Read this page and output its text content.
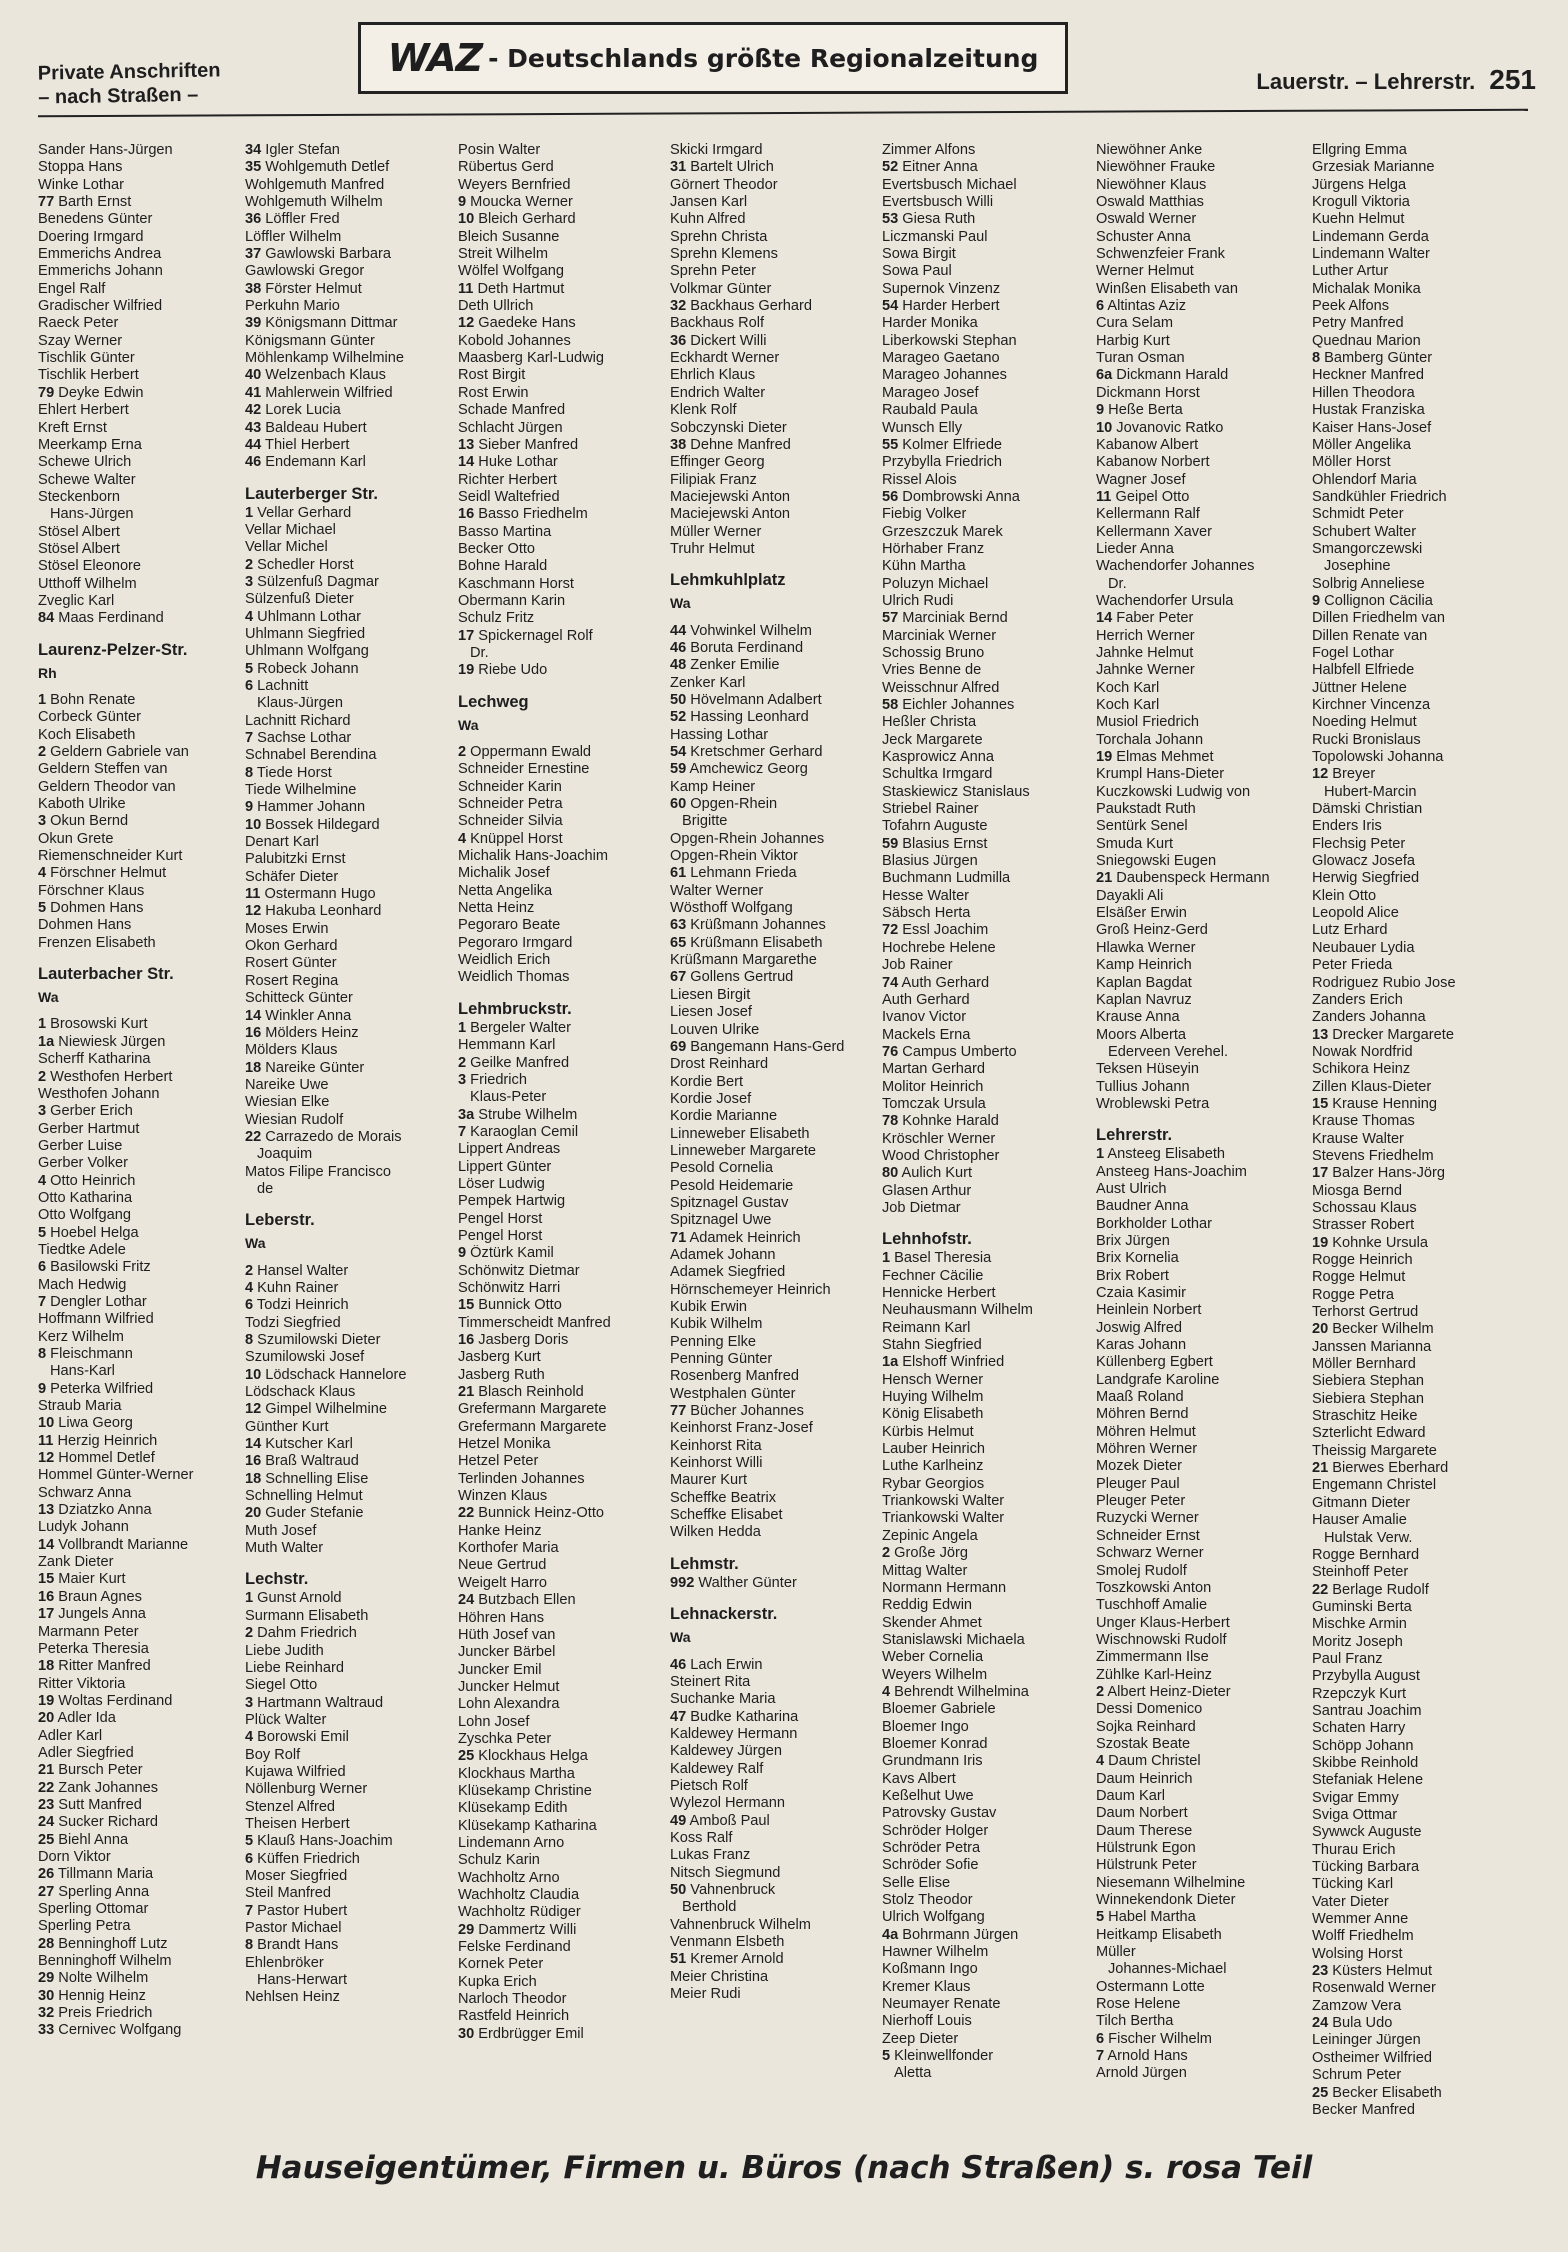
Private Anschriften
– nach Straßen –
WAZ - Deutschlands größte Regionalzeitung
Lauerstr. – Lehrerstr. 251
Sander Hans-Jürgen
Stoppa Hans
Winke Lothar
77 Barth Ernst
Benedens Günter
Doering Irmgard
Emmerichs Andrea
Emmerichs Johann
Engel Ralf
Gradischer Wilfried
Raeck Peter
Szay Werner
Tischlik Günter
Tischlik Herbert
79 Deyke Edwin
Ehlert Herbert
Kreft Ernst
Meerkamp Erna
Schewe Ulrich
Schewe Walter
Steckenborn
Hans-Jürgen
Stösel Albert
Stösel Albert
Stösel Eleonore
Utthoff Wilhelm
Zveglic Karl
84 Maas Ferdinand
Laurenz-Pelzer-Str.
Rh
1 Bohn Renate
Corbeck Günter
Koch Elisabeth
2 Geldern Gabriele van
Geldern Steffen van
Geldern Theodor van
Kaboth Ulrike
3 Okun Bernd
Okun Grete
Riemenschneider Kurt
4 Förschner Helmut
Förschner Klaus
5 Dohmen Hans
Dohmen Hans
Frenzen Elisabeth
Lauterbacher Str.
Wa
1 Brosowski Kurt
1a Niewiesk Jürgen
Scherff Katharina
2 Westhofen Herbert
Westhofen Johann
3 Gerber Erich
Gerber Hartmut
Gerber Luise
Gerber Volker
4 Otto Heinrich
Otto Katharina
Otto Wolfgang
5 Hoebel Helga
Tiedtke Adele
6 Basilowski Fritz
Mach Hedwig
7 Dengler Lothar
Hoffmann Wilfried
Kerz Wilhelm
8 Fleischmann
Hans-Karl
9 Peterka Wilfried
Straub Maria
10 Liwa Georg
11 Herzig Heinrich
12 Hommel Detlef
Hommel Günter-Werner
Schwarz Anna
13 Dziatzko Anna
Ludyk Johann
14 Vollbrandt Marianne
Zank Dieter
15 Maier Kurt
16 Braun Agnes
17 Jungels Anna
Marmann Peter
Peterka Theresia
18 Ritter Manfred
Ritter Viktoria
19 Woltas Ferdinand
20 Adler Ida
Adler Karl
Adler Siegfried
21 Bursch Peter
22 Zank Johannes
23 Sutt Manfred
24 Sucker Richard
25 Biehl Anna
Dorn Viktor
26 Tillmann Maria
27 Sperling Anna
Sperling Ottomar
Sperling Petra
28 Benninghoff Lutz
Benninghoff Wilhelm
29 Nolte Wilhelm
30 Hennig Heinz
32 Preis Friedrich
33 Cernivec Wolfgang
34 Igler Stefan
35 Wohlgemuth Detlef
Wohlgemuth Manfred
Wohlgemuth Wilhelm
36 Löffler Fred
Löffler Wilhelm
37 Gawlowski Barbara
Gawlowski Gregor
38 Förster Helmut
Perkuhn Mario
39 Königsmann Dittmar
Königsmann Günter
Möhlenkamp Wilhelmine
40 Welzenbach Klaus
41 Mahlerwein Wilfried
42 Lorek Lucia
43 Baldeau Hubert
44 Thiel Herbert
46 Endemann Karl
Lauterberger Str.
1 Vellar Gerhard
Vellar Michael
Vellar Michel
2 Schedler Horst
3 Sülzenfuß Dagmar
Sülzenfuß Dieter
4 Uhlmann Lothar
Uhlmann Siegfried
Uhlmann Wolfgang
5 Robeck Johann
6 Lachnitt
Klaus-Jürgen
Lachnitt Richard
7 Sachse Lothar
Schnabel Berendina
8 Tiede Horst
Tiede Wilhelmine
9 Hammer Johann
10 Bossek Hildegard
Denart Karl
Palubitzki Ernst
Schäfer Dieter
11 Ostermann Hugo
12 Hakuba Leonhard
Moses Erwin
Okon Gerhard
Rosert Günter
Rosert Regina
Schitteck Günter
14 Winkler Anna
16 Mölders Heinz
Mölders Klaus
18 Nareike Günter
Nareike Uwe
Wiesian Elke
Wiesian Rudolf
22 Carrazedo de Morais
Joaquim
Matos Filipe Francisco
de
Leberstr.
Wa
2 Hansel Walter
4 Kuhn Rainer
6 Todzi Heinrich
Todzi Siegfried
8 Szumilowski Dieter
Szumilowski Josef
10 Lödschack Hannelore
Lödschack Klaus
12 Gimpel Wilhelmine
Günther Kurt
14 Kutscher Karl
16 Braß Waltraud
18 Schnelling Elise
Schnelling Helmut
20 Guder Stefanie
Muth Josef
Muth Walter
Lechstr.
1 Gunst Arnold
Surmann Elisabeth
2 Dahm Friedrich
Liebe Judith
Liebe Reinhard
Siegel Otto
3 Hartmann Waltraud
Plück Walter
4 Borowski Emil
Boy Rolf
Kujawa Wilfried
Nöllenburg Werner
Stenzel Alfred
Theisen Herbert
5 Klauß Hans-Joachim
6 Küffen Friedrich
Moser Siegfried
Steil Manfred
7 Pastor Hubert
Pastor Michael
8 Brandt Hans
Ehlenbröker
Hans-Herwart
Nehlsen Heinz
Posin Walter
Rübertus Gerd
Weyers Bernfried
9 Moucka Werner
10 Bleich Gerhard
Bleich Susanne
Streit Wilhelm
Wölfel Wolfgang
11 Deth Hartmut
Deth Ullrich
12 Gaedeke Hans
Kobold Johannes
Maasberg Karl-Ludwig
Rost Birgit
Rost Erwin
Schade Manfred
Schlacht Jürgen
13 Sieber Manfred
14 Huke Lothar
Richter Herbert
Seidl Waltefried
16 Basso Friedhelm
Basso Martina
Becker Otto
Bohne Harald
Kaschmann Horst
Obermann Karin
Schulz Fritz
17 Spickernagel Rolf
Dr.
19 Riebe Udo
Lechweg
Wa
2 Oppermann Ewald
Schneider Ernestine
Schneider Karin
Schneider Petra
Schneider Silvia
4 Knüppel Horst
Michalik Hans-Joachim
Michalik Josef
Netta Angelika
Netta Heinz
Pegoraro Beate
Pegoraro Irmgard
Weidlich Erich
Weidlich Thomas
Lehmbruckstr.
1 Bergeler Walter
Hemmann Karl
2 Geilke Manfred
3 Friedrich
Klaus-Peter
3a Strube Wilhelm
7 Karaoglan Cemil
Lippert Andreas
Lippert Günter
Löser Ludwig
Pempek Hartwig
Pengel Horst
Pengel Horst
9 Öztürk Kamil
Schönwitz Dietmar
Schönwitz Harri
15 Bunnick Otto
Timmerscheidt Manfred
16 Jasberg Doris
Jasberg Kurt
Jasberg Ruth
21 Blasch Reinhold
Grefermann Margarete
Grefermann Margarete
Hetzel Monika
Hetzel Peter
Terlinden Johannes
Winzen Klaus
22 Bunnick Heinz-Otto
Hanke Heinz
Korthofer Maria
Neue Gertrud
Weigelt Harro
24 Butzbach Ellen
Höhren Hans
Hüth Josef van
Juncker Bärbel
Juncker Emil
Juncker Helmut
Lohn Alexandra
Lohn Josef
Zyschka Peter
25 Klockhaus Helga
Klockhaus Martha
Klüsekamp Christine
Klüsekamp Edith
Klüsekamp Katharina
Lindemann Arno
Schulz Karin
Wachholtz Arno
Wachholtz Claudia
Wachholtz Rüdiger
29 Dammertz Willi
Felske Ferdinand
Kornek Peter
Kupka Erich
Narloch Theodor
Rastfeld Heinrich
30 Erdbrügger Emil
Skicki Irmgard
31 Bartelt Ulrich
Görnert Theodor
Jansen Karl
Kuhn Alfred
Sprehn Christa
Sprehn Klemens
Sprehn Peter
Volkmar Günter
32 Backhaus Gerhard
Backhaus Rolf
36 Dickert Willi
Eckhardt Werner
Ehrlich Klaus
Endrich Walter
Klenk Rolf
Sobczynski Dieter
38 Dehne Manfred
Effinger Georg
Filipiak Franz
Maciejewski Anton
Maciejewski Anton
Müller Werner
Truhr Helmut
Lehmkuhlplatz
Wa
44 Vohwinkel Wilhelm
46 Boruta Ferdinand
48 Zenker Emilie
Zenker Karl
50 Hövelmann Adalbert
52 Hassing Leonhard
Hassing Lothar
54 Kretschmer Gerhard
59 Amchewicz Georg
Kamp Heiner
60 Opgen-Rhein
Brigitte
Opgen-Rhein Johannes
Opgen-Rhein Viktor
61 Lehmann Frieda
Walter Werner
Wösthoff Wolfgang
63 Krüßmann Johannes
65 Krüßmann Elisabeth
Krüßmann Margarethe
67 Gollens Gertrud
Liesen Birgit
Liesen Josef
Louven Ulrike
69 Bangemann Hans-Gerd
Drost Reinhard
Kordie Bert
Kordie Josef
Kordie Marianne
Linneweber Elisabeth
Linneweber Margarete
Pesold Cornelia
Pesold Heidemarie
Spitznagel Gustav
Spitznagel Uwe
71 Adamek Heinrich
Adamek Johann
Adamek Siegfried
Hörnschemeyer Heinrich
Kubik Erwin
Kubik Wilhelm
Penning Elke
Penning Günter
Rosenberg Manfred
Westphalen Günter
77 Bücher Johannes
Keinhorst Franz-Josef
Keinhorst Rita
Keinhorst Willi
Maurer Kurt
Scheffke Beatrix
Scheffke Elisabet
Wilken Hedda
Lehmstr.
992 Walther Günter
Lehnackerstr.
Wa
46 Lach Erwin
Steinert Rita
Suchanke Maria
47 Budke Katharina
Kaldewey Hermann
Kaldewey Jürgen
Kaldewey Ralf
Pietsch Rolf
Wylezol Hermann
49 Amboß Paul
Koss Ralf
Lukas Franz
Nitsch Siegmund
50 Vahnenbruck
Berthold
Vahnenbruck Wilhelm
Venmann Elsbeth
51 Kremer Arnold
Meier Christina
Meier Rudi
Zimmer Alfons
52 Eitner Anna
Evertsbusch Michael
Evertsbusch Willi
53 Giesa Ruth
Liczmanski Paul
Sowa Birgit
Sowa Paul
Supernok Vinzenz
54 Harder Herbert
Harder Monika
Liberkowski Stephan
Marageo Gaetano
Marageo Johannes
Marageo Josef
Raubald Paula
Wunsch Elly
55 Kolmer Elfriede
Przybylla Friedrich
Rissel Alois
56 Dombrowski Anna
Fiebig Volker
Grzeszczuk Marek
Hörhaber Franz
Kühn Martha
Poluzyn Michael
Ulrich Rudi
57 Marciniak Bernd
Marciniak Werner
Schossig Bruno
Vries Benne de
Weisschnur Alfred
58 Eichler Johannes
Heßler Christa
Jeck Margarete
Kasprowicz Anna
Schultka Irmgard
Staskiewicz Stanislaus
Striebel Rainer
Tofahrn Auguste
59 Blasius Ernst
Blasius Jürgen
Buchmann Ludmilla
Hesse Walter
Säbsch Herta
72 Essl Joachim
Hochrebe Helene
Job Rainer
74 Auth Gerhard
Auth Gerhard
Ivanov Victor
Mackels Erna
76 Campus Umberto
Martan Gerhard
Molitor Heinrich
Tomczak Ursula
78 Kohnke Harald
Kröschler Werner
Wood Christopher
80 Aulich Kurt
Glasen Arthur
Job Dietmar
Lehnhofstr.
1 Basel Theresia
Fechner Cäcilie
Hennicke Herbert
Neuhausmann Wilhelm
Reimann Karl
Stahn Siegfried
1a Elshoff Winfried
Hensch Werner
Huying Wilhelm
König Elisabeth
Kürbis Helmut
Lauber Heinrich
Luthe Karlheinz
Rybar Georgios
Triankowski Walter
Triankowski Walter
Zepinic Angela
2 Große Jörg
Mittag Walter
Normann Hermann
Reddig Edwin
Skender Ahmet
Stanislawski Michaela
Weber Cornelia
Weyers Wilhelm
4 Behrendt Wilhelmina
Bloemer Gabriele
Bloemer Ingo
Bloemer Konrad
Grundmann Iris
Kavs Albert
Keßelhut Uwe
Patrovsky Gustav
Schröder Holger
Schröder Petra
Schröder Sofie
Selle Elise
Stolz Theodor
Ulrich Wolfgang
4a Bohrmann Jürgen
Hawner Wilhelm
Koßmann Ingo
Kremer Klaus
Neumayer Renate
Nierhoff Louis
Zeep Dieter
5 Kleinwellfonder
Aletta
Niewöhner Anke
Niewöhner Frauke
Niewöhner Klaus
Oswald Matthias
Oswald Werner
Schuster Anna
Schwenzfeier Frank
Werner Helmut
Winßen Elisabeth van
6 Altintas Aziz
Cura Selam
Harbig Kurt
Turan Osman
6a Dickmann Harald
Dickmann Horst
9 Heße Berta
10 Jovanovic Ratko
Kabanow Albert
Kabanow Norbert
Wagner Josef
11 Geipel Otto
Kellermann Ralf
Kellermann Xaver
Lieder Anna
Wachendorfer Johannes
Dr.
Wachendorfer Ursula
14 Faber Peter
Herrich Werner
Jahnke Helmut
Jahnke Werner
Koch Karl
Koch Karl
Musiol Friedrich
Torchala Johann
19 Elmas Mehmet
Krumpl Hans-Dieter
Kuczkowski Ludwig von
Paukstadt Ruth
Sentürk Senel
Smuda Kurt
Sniegowski Eugen
21 Daubenspeck Hermann
Dayakli Ali
Elsäßer Erwin
Groß Heinz-Gerd
Hlawka Werner
Kamp Heinrich
Kaplan Bagdat
Kaplan Navruz
Krause Anna
Moors Alberta
Ederveen Verehel.
Teksen Hüseyin
Tullius Johann
Wroblewski Petra
Lehrerstr.
1 Ansteeg Elisabeth
Ansteeg Hans-Joachim
Aust Ulrich
Baudner Anna
Borkholder Lothar
Brix Jürgen
Brix Kornelia
Brix Robert
Czaia Kasimir
Heinlein Norbert
Joswig Alfred
Karas Johann
Küllenberg Egbert
Landgrafe Karoline
Maaß Roland
Möhren Bernd
Möhren Helmut
Möhren Werner
Mozek Dieter
Pleuger Paul
Pleuger Peter
Ruzycki Werner
Schneider Ernst
Schwarz Werner
Smolej Rudolf
Toszkowski Anton
Tuschhoff Amalie
Unger Klaus-Herbert
Wischnowski Rudolf
Zimmermann Ilse
Zühlke Karl-Heinz
2 Albert Heinz-Dieter
Dessi Domenico
Sojka Reinhard
Szostak Beate
4 Daum Christel
Daum Heinrich
Daum Karl
Daum Norbert
Daum Therese
Hülstrunk Egon
Hülstrunk Peter
Niesemann Wilhelmine
Winnekendonk Dieter
5 Habel Martha
Heitkamp Elisabeth
Müller
Johannes-Michael
Ostermann Lotte
Rose Helene
Tilch Bertha
6 Fischer Wilhelm
7 Arnold Hans
Arnold Jürgen
Ellgring Emma
Grzesiak Marianne
Jürgens Helga
Krogull Viktoria
Kuehn Helmut
Lindemann Gerda
Lindemann Walter
Luther Artur
Michalak Monika
Peek Alfons
Petry Manfred
Quednau Marion
8 Bamberg Günter
Heckner Manfred
Hillen Theodora
Hustak Franziska
Kaiser Hans-Josef
Möller Angelika
Möller Horst
Ohlendorf Maria
Sandkühler Friedrich
Schmidt Peter
Schubert Walter
Smangorczewski
Josephine
Solbrig Anneliese
9 Collignon Cäcilia
Dillen Friedhelm van
Dillen Renate van
Fogel Lothar
Halbfell Elfriede
Jüttner Helene
Kirchner Vincenza
Noeding Helmut
Rucki Bronislaus
Topolowski Johanna
12 Breyer
Hubert-Marcin
Dämski Christian
Enders Iris
Flechsig Peter
Glowacz Josefa
Herwig Siegfried
Klein Otto
Leopold Alice
Lutz Erhard
Neubauer Lydia
Peter Frieda
Rodriguez Rubio Jose
Zanders Erich
Zanders Johanna
13 Drecker Margarete
Nowak Nordfrid
Schikora Heinz
Zillen Klaus-Dieter
15 Krause Henning
Krause Thomas
Krause Walter
Stevens Friedhelm
17 Balzer Hans-Jörg
Miosga Bernd
Schossau Klaus
Strasser Robert
19 Kohnke Ursula
Rogge Heinrich
Rogge Helmut
Rogge Petra
Terhorst Gertrud
20 Becker Wilhelm
Janssen Marianna
Möller Bernhard
Siebiera Stephan
Siebiera Stephan
Straschitz Heike
Szterlicht Edward
Theissig Margarete
21 Bierwes Eberhard
Engemann Christel
Gitmann Dieter
Hauser Amalie
Hulstak Verw.
Rogge Bernhard
Steinhoff Peter
22 Berlage Rudolf
Guminski Berta
Mischke Armin
Moritz Joseph
Paul Franz
Przybylla August
Rzepczyk Kurt
Santrau Joachim
Schaten Harry
Schöpp Johann
Skibbe Reinhold
Stefaniak Helene
Svigar Emmy
Sviga Ottmar
Sywwck Auguste
Thurau Erich
Tücking Barbara
Tücking Karl
Vater Dieter
Wemmer Anne
Wolff Friedhelm
Wolsing Horst
23 Küsters Helmut
Rosenwald Werner
Zamzow Vera
24 Bula Udo
Leininger Jürgen
Ostheimer Wilfried
Schrum Peter
25 Becker Elisabeth
Becker Manfred
Hauseigentümer, Firmen u. Büros (nach Straßen) s. rosa Teil
